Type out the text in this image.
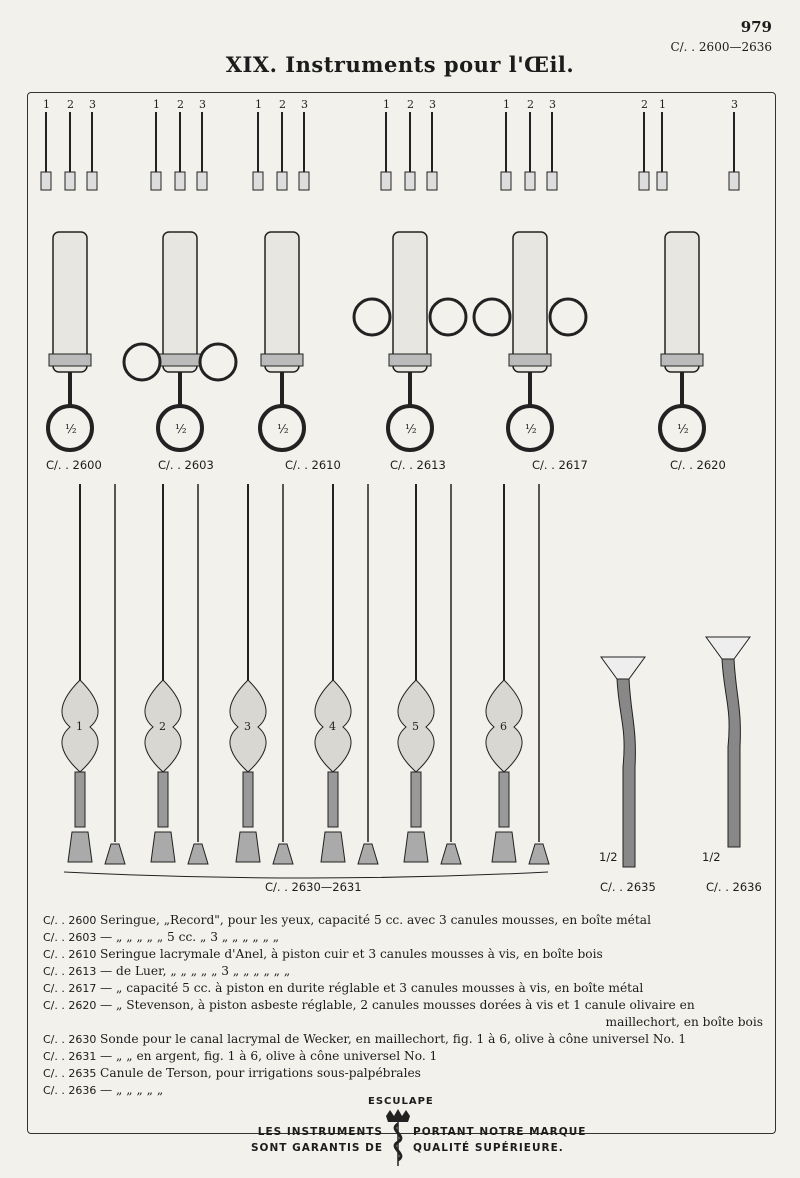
979
C/. . 2600—2636
XIX. Instruments pour l'Œil.
1 2 3
½
1 2 3
½
1 2 3
½
1 2 3
½
1 2 3
½
2 1	3
½
1	2	3	4	5	6
C/. . 2600	C/. . 2603	C/. . 2610	C/. . 2613	C/. . 2617	C/. . 2620
C/. . 2630—2631	C/. . 2635	C/. . 2636
1/2	1/2
C/. . 2600 Seringue, „Record", pour les yeux, capacité 5 cc. avec 3 canules mousses, en boîte métal
C/. . 2603 — „ „ „ „ „ 5 cc. „ 3 „ „ „ „ „ „
C/. . 2610 Seringue lacrymale d'Anel, à piston cuir et 3 canules mousses à vis, en boîte bois
C/. . 2613 — de Luer, „ „ „ „ „ 3 „ „ „ „ „ „
C/. . 2617 — „ capacité 5 cc. à piston en durite réglable et 3 canules mousses à vis, en boîte métal
C/. . 2620 — „ Stevenson, à piston asbeste réglable, 2 canules mousses dorées à vis et 1 canule olivaire en
maillechort, en boîte bois
C/. . 2630 Sonde pour le canal lacrymal de Wecker, en maillechort, fig. 1 à 6, olive à cône universel No. 1
C/. . 2631 — „ „ en argent, fig. 1 à 6, olive à cône universel No. 1
C/. . 2635 Canule de Terson, pour irrigations sous-palpébrales
C/. . 2636 — „ „ „ „ „
ESCULAPE
LES INSTRUMENTS	PORTANT NOTRE MARQUE
SONT GARANTIS DE	QUALITÉ SUPÉRIEURE.
